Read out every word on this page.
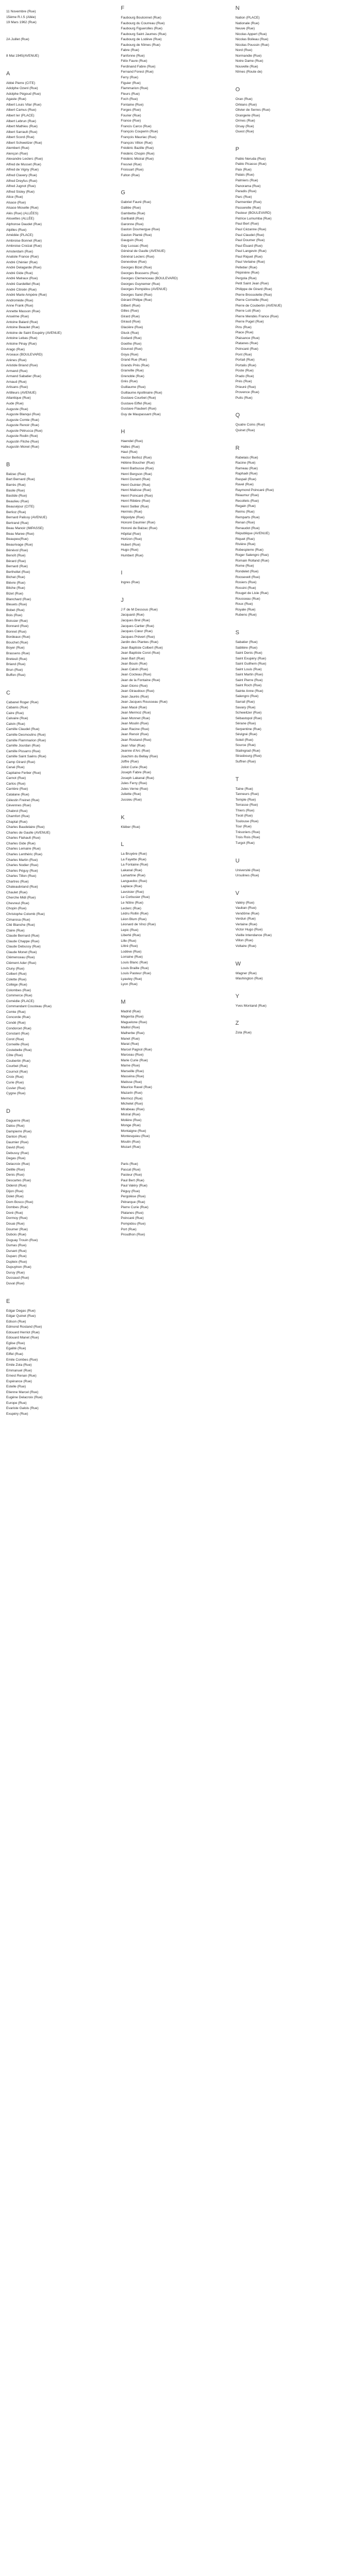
11 Novembre (Rue)
15ème R.I.S (Allée)
19 Mars 1962 (Rue)
2A Juillet (Rue)
8 Mai 1945(AVENUE)
A
Abbé Pierre (CITE)
Adolphe Ozenl (Rue)
Adolphe Pégoud (Rue)
Agaste (Rue)
Albert Louis Vilar (Rue)
Albert Camus (Rue)
Albert Ier (PLACE)
Albert Lebrun (Rue)
Albert Mathieu (Rue)
Albert Sarrault (Rue)
Albert Scord (Rue)
Albert Schweitzer (Rue)
Alembert (Rue)
Alençon (Rue)
Alexandre Leclerc (Rue)
Alfred de Musset (Rue)
Alfred de Vigny (Rue)
Alfred Clavery (Rue)
Alfred Dreyfus (Rue)
Alfred Jugnot (Rue)
Alfred Sisley (Rue)
Alice (Rue)
Alsace (Rue)
Alsace Moselle (Rue)
Alès (Rue) (ALLÉES)
Alouettes (ALLÉE)
Alphonse Daudet (Rue)
Alpilles (Rue)
Amédée (PLACE)
Ambroise Bonnet (Rue)
Ambroise Croizat (Rue)
Amsterdam (Rue)
Anatole France (Rue)
André Chénier (Rue)
André Delagarde (Rue)
André Gide (Rue)
André Malraux (Rue)
André Gardelliel (Rue)
André Citroën (Rue)
André Marie Ampère (Rue)
Andromède (Rue)
Anne Frank (Rue)
Annette Masson (Rue)
Anselme (Rue)
Antoine Balard (Rue)
Antoine Beaulet (Rue)
Antoine de Saint Exupéry (AVENUE)
Antoine Lebas (Rue)
Antoine Pinay (Rue)
Arago (Rue)
Arceaux (BOULEVARD)
Arènes (Rue)
Aristide Briand (Rue)
Armand (Rue)
Armand Sabatier (Rue)
Arnaud (Rue)
Artisans (Rue)
Artilleurs (AVENUE)
Atlantique (Rue)
Aude (Rue)
Auguste (Rue)
Auguste Blanqui (Rue)
Auguste Comte (Rue)
Auguste Renoir (Rue)
Auguste Pétrucca (Rue)
Auguste Rodin (Rue)
Augustin Fliche (Rue)
Augustin Monel (Rue)
B
Balzac (Rue)
Bart Bernard (Rue)
Barrès (Rue)
Basile (Rue)
Bastide (Rue)
Beaulieu (Rue)
Beauséjour (CITE)
Berlioz (Rue)
Bernard Palissy (AVENUE)
Bertrand (Rue)
Beau Manoir (IMPASSE)
Beau Maree (Rue)
Beaupeu(Rue)
Beaurivage (Rue)
Bénévol (Rue)
Benoît (Rue)
Bérard (Rue)
Bernard (Rue)
Berthollet (Rue)
Bichat (Rue)
Bièvre (Rue)
Bitche (Rue)
Bizet (Rue)
Blanchard (Rue)
Bleuets (Rue)
Bobet (Rue)
Bois (Rue)
Boissier (Rue)
Bonnard (Rue)
Bonnet (Rue)
Bordeaux (Rue)
Bouchet (Rue)
Boyer (Rue)
Brassens (Rue)
Breteuil (Rue)
Briand (Rue)
Brun (Rue)
Buffon (Rue)
C
Cabanel Roger (Rue)
Cabanis (Rue)
Caire (Rue)
Calvaire (Rue)
Calvin (Rue)
Camille Claudel (Rue)
Camille Desmoulins (Rue)
Camille Flammarion (Rue)
Camille Jourdan (Rue)
Camille Pissarro (Rue)
Camille Saint Saëns (Rue)
Camp Girard (Rue)
Canal (Rue)
Capitaine Ferber (Rue)
Carnot (Rue)
Carlos (Rue)
Carrière (Rue)
Catalane (Rue)
Célestin Freinet (Rue)
Cévennes (Rue)
Chabrol (Rue)
Chamfort (Rue)
Chaptal (Rue)
Charles Baudelaire (Rue)
Charles de Gaulle (AVENUE)
Charles Flahault (Rue)
Charles Gide (Rue)
Charles Lemaire (Rue)
Charles Lenthéric (Rue)
Charles Martin (Rue)
Charles Nodier (Rue)
Charles Péguy (Rue)
Charles Tillon (Rue)
Chartres (Rue)
Chateaubriand (Rue)
Chaulet (Rue)
Cherche Midi (Rue)
Chevreul (Rue)
Chopin (Rue)
Christophe Colomb (Rue)
Cimarosa (Rue)
Cité Blanche (Rue)
Claire (Rue)
Claude Bernard (Rue)
Claude Chappe (Rue)
Claude Debussy (Rue)
Claude Monet (Rue)
Clémenceau (Rue)
Clément Ader (Rue)
Cluny (Rue)
Colbert (Rue)
Colette (Rue)
Collège (Rue)
Colombes (Rue)
Commerce (Rue)
Comédie (PLACE)
Commandant Cousteau (Rue)
Comte (Rue)
Concorde (Rue)
Condé (Rue)
Condorcet (Rue)
Constant (Rue)
Corot (Rue)
Corneille (Rue)
Costebelle (Rue)
Côte (Rue)
Coubertin (Rue)
Courbet (Rue)
Cournot (Rue)
Croix (Rue)
Curie (Rue)
Cuvier (Rue)
Cygne (Rue)
D
Daguerre (Rue)
Dalou (Rue)
Dampierre (Rue)
Danton (Rue)
Daumier (Rue)
David (Rue)
Debussy (Rue)
Degas (Rue)
Delacroix (Rue)
Delille (Rue)
Denis (Rue)
Descartes (Rue)
Diderot (Rue)
Dijon (Rue)
Dolet (Rue)
Dom Bosco (Rue)
Dombes (Rue)
Doré (Rue)
Dormoy (Rue)
Douai (Rue)
Doumer (Rue)
Dubois (Rue)
Duguay Trouin (Rue)
Dumas (Rue)
Dunant (Rue)
Duparc (Rue)
Dupleix (Rue)
Dupuytren (Rue)
Duruy (Rue)
Dussaud (Rue)
Duval (Rue)
E
Edgar Degas (Rue)
Edgar Quinet (Rue)
Edison (Rue)
Edmond Rostand (Rue)
Edouard Herriot (Rue)
Edouard Manet (Rue)
Eglise (Rue)
Egalité (Rue)
Eiffel (Rue)
Emile Combes (Rue)
Emile Zola (Rue)
Emmanuel (Rue)
Ernest Renan (Rue)
Espérance (Rue)
Estelle (Rue)
Etienne Marcel (Rue)
Eugène Delacroix (Rue)
Europe (Rue)
Evariste Galois (Rue)
Exupéry (Rue)
F
Faubourg Boutonnet (Rue)
Faubourg du Courreau (Rue)
Faubourg Figuerolles (Rue)
Faubourg Saint Jaumes (Rue)
Faubourg de Lodève (Rue)
Faubourg de Nîmes (Rue)
Fabre (Rue)
Fanfonne (Rue)
Félix Faure (Rue)
Ferdinand Fabre (Rue)
Fernand Forest (Rue)
Ferry (Rue)
Figuier (Rue)
Flammarion (Rue)
Fleurs (Rue)
Foch (Rue)
Fontaine (Rue)
Forges (Rue)
Fourier (Rue)
France (Rue)
Francis Carco (Rue)
François Couperin (Rue)
François Mauriac (Rue)
François Villon (Rue)
Frédéric Bazille (Rue)
Frédéric Chopin (Rue)
Frédéric Mistral (Rue)
Fresnel (Rue)
Froissart (Rue)
Fulton (Rue)
G
Gabriel Fauré (Rue)
Galilée (Rue)
Gambetta (Rue)
Garibaldi (Rue)
Garonne (Rue)
Gaston Doumergue (Rue)
Gaston Planté (Rue)
Gauguin (Rue)
Gay Lussac (Rue)
Général de Gaulle (AVENUE)
Général Leclerc (Rue)
Geneviève (Rue)
Georges Bizet (Rue)
Georges Brassens (Rue)
Georges Clemenceau (BOULEVARD)
Georges Guynemer (Rue)
Georges Pompidou (AVENUE)
Georges Sand (Rue)
Gérard Philipe (Rue)
Gilbert (Rue)
Gilles (Rue)
Girard (Rue)
Giraud (Rue)
Glacière (Rue)
Gluck (Rue)
Godard (Rue)
Goethe (Rue)
Gounod (Rue)
Goya (Rue)
Grand Rue (Rue)
Grands Prés (Rue)
Granville (Rue)
Grenoble (Rue)
Grès (Rue)
Guillaume (Rue)
Guillaume Apollinaire (Rue)
Gustave Courbet (Rue)
Gustave Eiffel (Rue)
Gustave Flaubert (Rue)
Guy de Maupassant (Rue)
H
Haendel (Rue)
Halles (Rue)
Haut (Rue)
Hector Berlioz (Rue)
Hélène Boucher (Rue)
Henri Barbusse (Rue)
Henri Bergson (Rue)
Henri Dunant (Rue)
Henri Guinier (Rue)
Henri Matisse (Rue)
Henri Poincaré (Rue)
Henri Ribière (Rue)
Henri Sellier (Rue)
Hermès (Rue)
Hippolyte (Rue)
Honoré Daumier (Rue)
Honoré de Balzac (Rue)
Hôpital (Rue)
Horizon (Rue)
Hubert (Rue)
Hugo (Rue)
Humbert (Rue)
I
Ingres (Rue)
J
J F de M Dessous (Rue)
Jacquard (Rue)
Jacques Brel (Rue)
Jacques Cartier (Rue)
Jacques Cœur (Rue)
Jacques Prévert (Rue)
Jardin des Plantes (Rue)
Jean Baptiste Colbert (Rue)
Jean Baptiste Corot (Rue)
Jean Bart (Rue)
Jean Bouin (Rue)
Jean Calvin (Rue)
Jean Cocteau (Rue)
Jean de la Fontaine (Rue)
Jean Giono (Rue)
Jean Giraudoux (Rue)
Jean Jaurès (Rue)
Jean Jacques Rousseau (Rue)
Jean Macé (Rue)
Jean Mermoz (Rue)
Jean Monnet (Rue)
Jean Moulin (Rue)
Jean Racine (Rue)
Jean Renoir (Rue)
Jean Rostand (Rue)
Jean Vilar (Rue)
Jeanne d'Arc (Rue)
Joachim du Bellay (Rue)
Joffre (Rue)
Joliot Curie (Rue)
Joseph Fabre (Rue)
Joseph Lakanal (Rue)
Jules Ferry (Rue)
Jules Verne (Rue)
Juliette (Rue)
Jussieu (Rue)
K
Kléber (Rue)
L
La Bruyère (Rue)
La Fayette (Rue)
La Fontaine (Rue)
Lakanal (Rue)
Lamartine (Rue)
Languedoc (Rue)
Laplace (Rue)
Lavoisier (Rue)
Le Corbusier (Rue)
Le Nôtre (Rue)
Leclerc (Rue)
Lédru Rollin (Rue)
Léon Blum (Rue)
Léonard de Vinci (Rue)
Lepic (Rue)
Liberté (Rue)
Lille (Rue)
Littré (Rue)
Lodève (Rue)
Lorraine (Rue)
Louis Blanc (Rue)
Louis Braille (Rue)
Louis Pasteur (Rue)
Lyautey (Rue)
Lyon (Rue)
M
Madrid (Rue)
Magenta (Rue)
Maguelone (Rue)
Maillol (Rue)
Malherbe (Rue)
Manet (Rue)
Marat (Rue)
Marcel Pagnol (Rue)
Marceau (Rue)
Marie Curie (Rue)
Marne (Rue)
Marseille (Rue)
Masséna (Rue)
Matisse (Rue)
Maurice Ravel (Rue)
Mazarin (Rue)
Mermoz (Rue)
Michelet (Rue)
Mirabeau (Rue)
Mistral (Rue)
Molière (Rue)
Monge (Rue)
Montaigne (Rue)
Montesquieu (Rue)
Moulin (Rue)
Mozart (Rue)
Paris (Rue)
Pascal (Rue)
Pasteur (Rue)
Paul Bert (Rue)
Paul Valéry (Rue)
Péguy (Rue)
Pergolèse (Rue)
Pétrarque (Rue)
Pierre Curie (Rue)
Platanes (Rue)
Poincaré (Rue)
Pompidou (Rue)
Port (Rue)
Proudhon (Rue)
N
Nation (PLACE)
Nationale (Rue)
Neuve (Rue)
Nicolas Appert (Rue)
Nicolas Boileau (Rue)
Nicolas Poussin (Rue)
Nord (Rue)
Normandie (Rue)
Notre Dame (Rue)
Nouvelle (Rue)
Nîmes (Route de)
O
Oran (Rue)
Orléans (Rue)
Olivier de Serres (Rue)
Orangerie (Rue)
Ormes (Rue)
Orsay (Rue)
Ouest (Rue)
P
Pablo Neruda (Rue)
Pablo Picasso (Rue)
Paix (Rue)
Palais (Rue)
Palmiers (Rue)
Panorama (Rue)
Paradis (Rue)
Parc (Rue)
Parmentier (Rue)
Passerelle (Rue)
Pasteur (BOULEVARD)
Patrice Lumumba (Rue)
Paul Bert (Rue)
Paul Cézanne (Rue)
Paul Claudel (Rue)
Paul Doumer (Rue)
Paul Éluard (Rue)
Paul Langevin (Rue)
Paul Riquet (Rue)
Paul Verlaine (Rue)
Pelletier (Rue)
Pépinière (Rue)
Pergola (Rue)
Petit Saint Jean (Rue)
Philippe de Girard (Rue)
Pierre Brossolette (Rue)
Pierre Corneille (Rue)
Pierre de Coubertin (AVENUE)
Pierre Loti (Rue)
Pierre Mendès France (Rue)
Pierre Puget (Rue)
Pins (Rue)
Place (Rue)
Plaisance (Rue)
Platanes (Rue)
Poincaré (Rue)
Pont (Rue)
Portail (Rue)
Portalis (Rue)
Poste (Rue)
Prado (Rue)
Prés (Rue)
Prieuré (Rue)
Provence (Rue)
Puits (Rue)
Q
Quatre Coins (Rue)
Quinet (Rue)
R
Rabelais (Rue)
Racine (Rue)
Rameau (Rue)
Raphaël (Rue)
Raspail (Rue)
Ravel (Rue)
Raymond Poincaré (Rue)
Réaumur (Rue)
Recollets (Rue)
Regain (Rue)
Reims (Rue)
Remparts (Rue)
Renan (Rue)
Renaudot (Rue)
République (AVENUE)
Riquet (Rue)
Rivière (Rue)
Robespierre (Rue)
Roger Salengro (Rue)
Romain Rolland (Rue)
Rome (Rue)
Rondelet (Rue)
Roosevelt (Rue)
Rosiers (Rue)
Rossini (Rue)
Rouget de Lisle (Rue)
Rousseau (Rue)
Roux (Rue)
Royale (Rue)
Rubens (Rue)
S
Sabatier (Rue)
Sablière (Rue)
Saint Denis (Rue)
Saint Exupéry (Rue)
Saint Guilhem (Rue)
Saint Louis (Rue)
Saint Martin (Rue)
Saint Pierre (Rue)
Saint Roch (Rue)
Sainte Anne (Rue)
Salengro (Rue)
Sarrail (Rue)
Savary (Rue)
Schweitzer (Rue)
Sébastopol (Rue)
Sérane (Rue)
Serpentine (Rue)
Sévigné (Rue)
Soleil (Rue)
Source (Rue)
Stalingrad (Rue)
Strasbourg (Rue)
Suffren (Rue)
T
Taine (Rue)
Tanneurs (Rue)
Temple (Rue)
Terrasse (Rue)
Thiers (Rue)
Tivoli (Rue)
Toulouse (Rue)
Tour (Rue)
Trésoriers (Rue)
Trois Rois (Rue)
Turgot (Rue)
U
Université (Rue)
Ursulines (Rue)
V
Valéry (Rue)
Vauban (Rue)
Vendôme (Rue)
Verdun (Rue)
Verlaine (Rue)
Victor Hugo (Rue)
Vieille Intendance (Rue)
Villon (Rue)
Voltaire (Rue)
W
Wagner (Rue)
Washington (Rue)
Y
Yves Montand (Rue)
Z
Zola (Rue)
